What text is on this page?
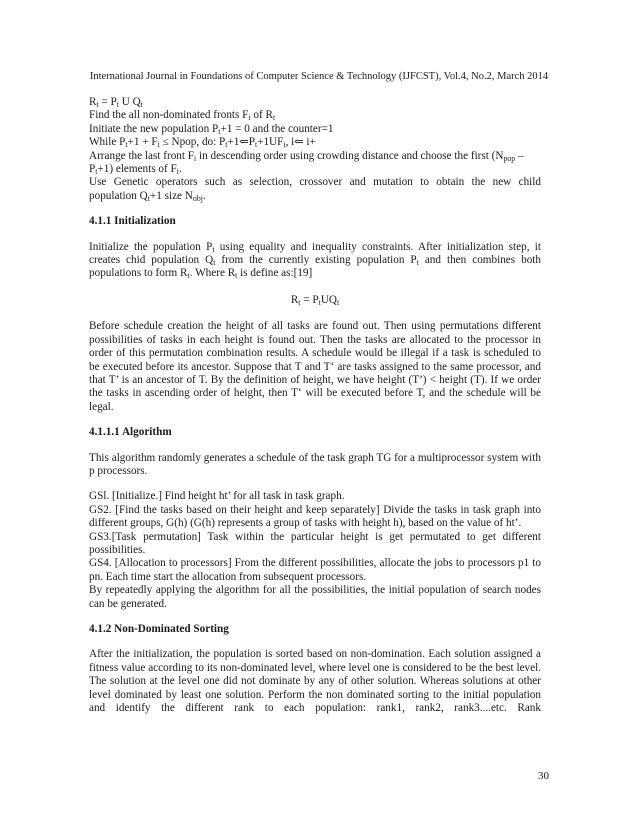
International Journal in Foundations of Computer Science & Technology (IJFCST), Vol.4, No.2, March 2014
$R_t = P_t$ U $Q_t$
Find the all non-dominated fronts $F_i$ of $R_t$
Initiate the new population $P_t+1 = 0$ and the counter=1
While $P_t+1 + F_i$ ≤ Npop, do: $P_t+1⇐P_t+1UF_i$, i⇐ i+
Arrange the last front $F_i$ in descending order using crowding distance and choose the first ($N_{pop}$ –
$P_t+1$) elements of $F_i$.

Use Genetic operators such as selection, crossover and mutation to obtain the new child

population $Q_t+1$ size $N_{obj}$.

4.1.1 Initialization

Initialize the population $P_t$ using equality and inequality constraints. After initialization step, it creates chid population $Q_t$ from the currently existing population $P_t$ and then combines both populations to form $R_t$. Where $R_t$ is define as:[19]

$R_t = P_tUQ_t$

Before schedule creation the height of all tasks are found out. Then using permutations different possibilities of tasks in each height is found out. Then the tasks are allocated to the processor in order of this permutation combination results. A schedule would be illegal if a task is scheduled to be executed before its ancestor. Suppose that T and T‘ are tasks assigned to the same processor, and that T’ is an ancestor of T. By the definition of height, we have height (T’) < height (T). If we order the tasks in ascending order of height, then T‘ will be executed before T, and the schedule will be legal.

4.1.1.1 Algorithm

This algorithm randomly generates a schedule of the task graph TG for a multiprocessor system with p processors.

GSl. [Initialize.] Find height ht’ for all task in task graph.

GS2. [Find the tasks based on their height and keep separately] Divide the tasks in task graph into different groups, G(h) (G(h) represents a group of tasks with height h), based on the value of ht’.

GS3.[Task permutation] Task within the particular height is get permutated to get different possibilities.

GS4. [Allocation to processors] From the different possibilities, allocate the jobs to processors p1 to pn. Each time start the allocation from subsequent processors.

By repeatedly applying the algorithm for all the possibilities, the initial population of search nodes can be generated.

4.1.2 Non-Dominated Sorting

After the initialization, the population is sorted based on non-domination. Each solution assigned a fitness value according to its non-dominated level, where level one is considered to be the best level. The solution at the level one did not dominate by any of other solution. Whereas solutions at other level dominated by least one solution. Perform the non dominated sorting to the initial population and identify the different rank to each population: rank1, rank2, rank3....etc. Rank

30
